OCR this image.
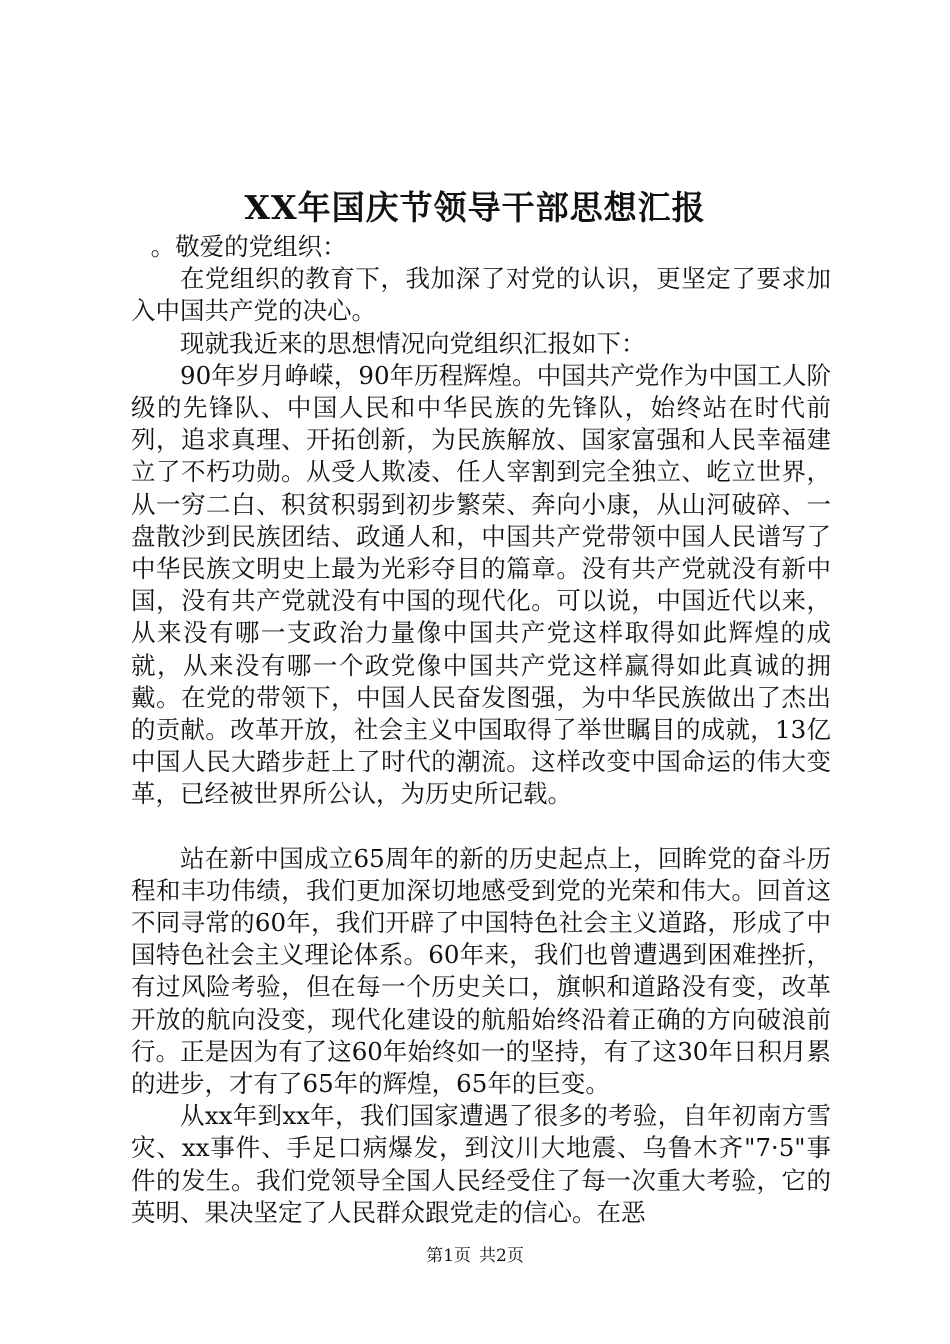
XX年国庆节领导干部思想汇报

。敬爱的党组织：

在党组织的教育下，我加深了对党的认识，更坚定了要求加入中国共产党的决心。

现就我近来的思想情况向党组织汇报如下：

90年岁月峥嵘，90年历程辉煌。中国共产党作为中国工人阶级的先锋队、中国人民和中华民族的先锋队，始终站在时代前列，追求真理、开拓创新，为民族解放、国家富强和人民幸福建立了不朽功勋。从受人欺凌、任人宰割到完全独立、屹立世界，从一穷二白、积贫积弱到初步繁荣、奔向小康，从山河破碎、一盘散沙到民族团结、政通人和，中国共产党带领中国人民谱写了中华民族文明史上最为光彩夺目的篇章。没有共产党就没有新中国，没有共产党就没有中国的现代化。可以说，中国近代以来，从来没有哪一支政治力量像中国共产党这样取得如此辉煌的成就，从来没有哪一个政党像中国共产党这样赢得如此真诚的拥戴。在党的带领下，中国人民奋发图强，为中华民族做出了杰出的贡献。改革开放，社会主义中国取得了举世瞩目的成就，13亿中国人民大踏步赶上了时代的潮流。这样改变中国命运的伟大变革，已经被世界所公认，为历史所记载。

站在新中国成立65周年的新的历史起点上，回眸党的奋斗历程和丰功伟绩，我们更加深切地感受到党的光荣和伟大。回首这不同寻常的60年，我们开辟了中国特色社会主义道路，形成了中国特色社会主义理论体系。60年来，我们也曾遭遇到困难挫折，有过风险考验，但在每一个历史关口，旗帜和道路没有变，改革开放的航向没变，现代化建设的航船始终沿着正确的方向破浪前行。正是因为有了这60年始终如一的坚持，有了这30年日积月累的进步，才有了65年的辉煌，65年的巨变。

从xx年到xx年，我们国家遭遇了很多的考验，自年初南方雪灾、xx事件、手足口病爆发，到汶川大地震、乌鲁木齐"7·5"事件的发生。我们党领导全国人民经受住了每一次重大考验，它的英明、果决坚定了人民群众跟党走的信心。在恶

第1页 共2页
